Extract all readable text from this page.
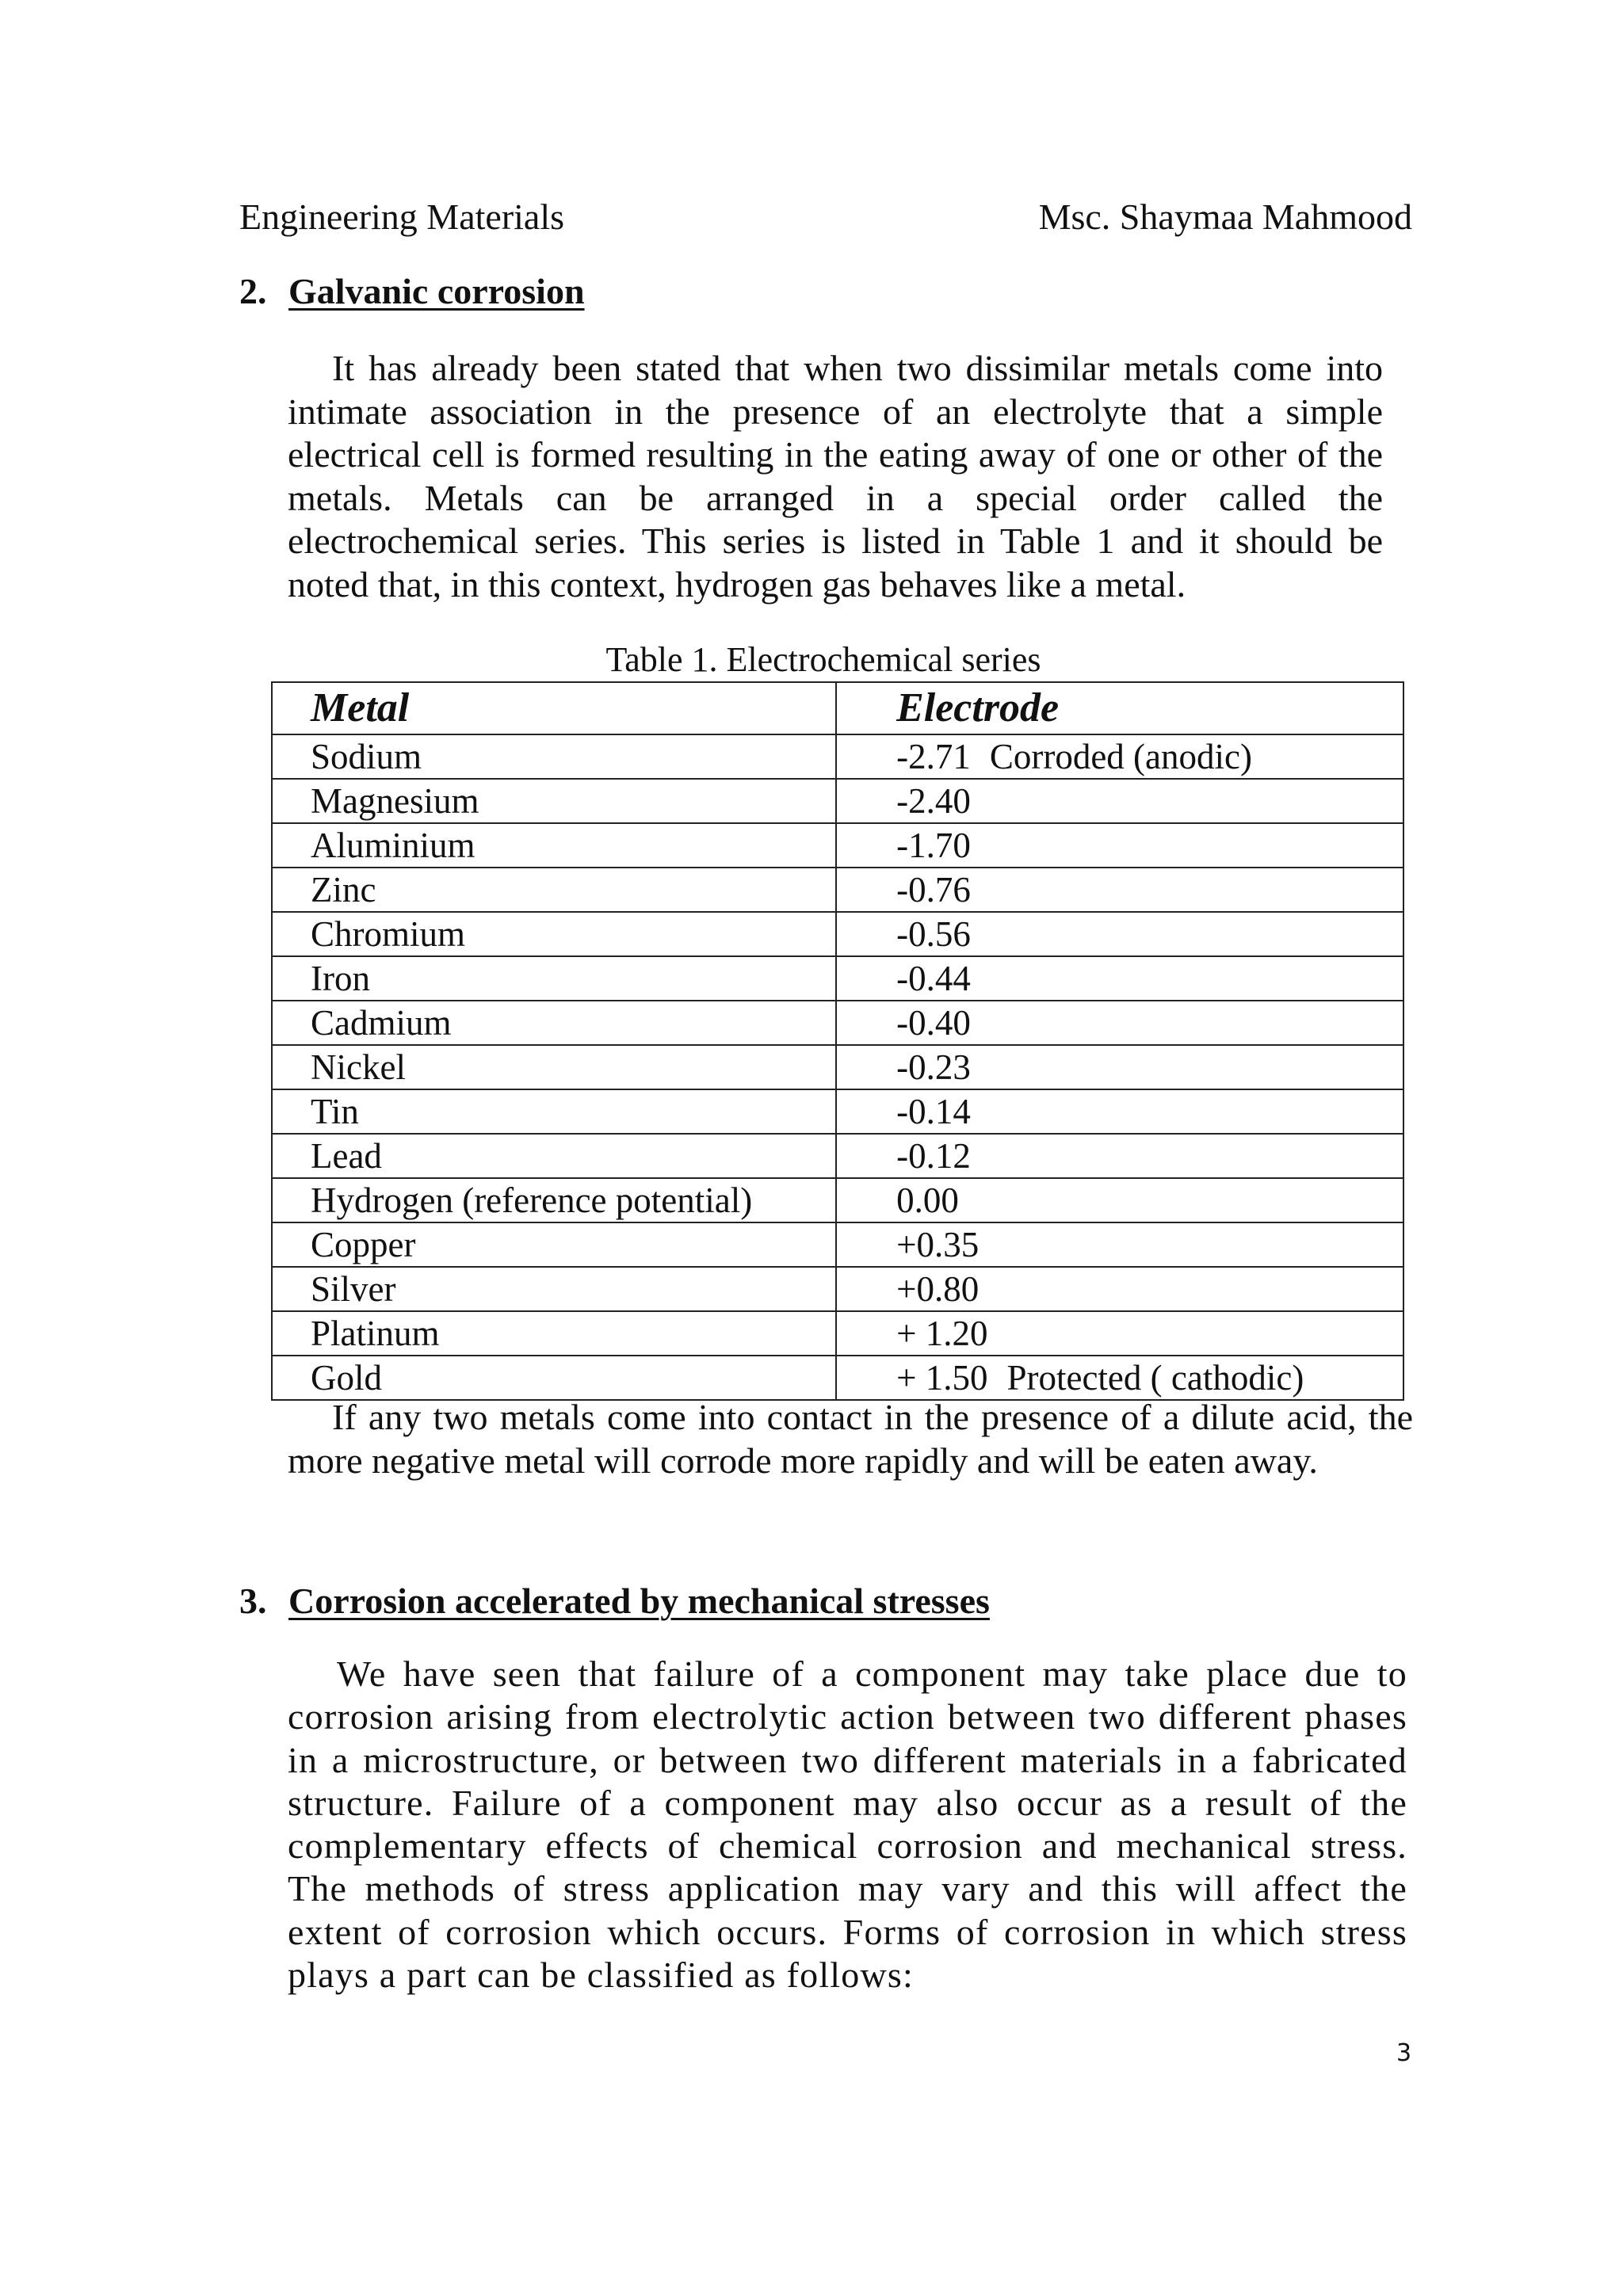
Engineering Materials	Msc. Shaymaa Mahmood
2. Galvanic corrosion

It has already been stated that when two dissimilar metals come into intimate association in the presence of an electrolyte that a simple electrical cell is formed resulting in the eating away of one or other of the metals. Metals can be arranged in a special order called the electrochemical series. This series is listed in Table 1 and it should be noted that, in this context, hydrogen gas behaves like a metal.

Table 1. Electrochemical series
Metal	Electrode
Sodium	-2.71 Corroded (anodic)
Magnesium	-2.40
Aluminium	-1.70
Zinc	-0.76
Chromium	-0.56
Iron	-0.44
Cadmium	-0.40
Nickel	-0.23
Tin	-0.14
Lead	-0.12
Hydrogen (reference potential)	0.00
Copper	+0.35
Silver	+0.80
Platinum	+ 1.20
Gold	+ 1.50 Protected ( cathodic)

If any two metals come into contact in the presence of a dilute acid, the more negative metal will corrode more rapidly and will be eaten away.

3. Corrosion accelerated by mechanical stresses

We have seen that failure of a component may take place due to corrosion arising from electrolytic action between two different phases in a microstructure, or between two different materials in a fabricated structure. Failure of a component may also occur as a result of the complementary effects of chemical corrosion and mechanical stress. The methods of stress application may vary and this will affect the extent of corrosion which occurs. Forms of corrosion in which stress plays a part can be classified as follows:

3
